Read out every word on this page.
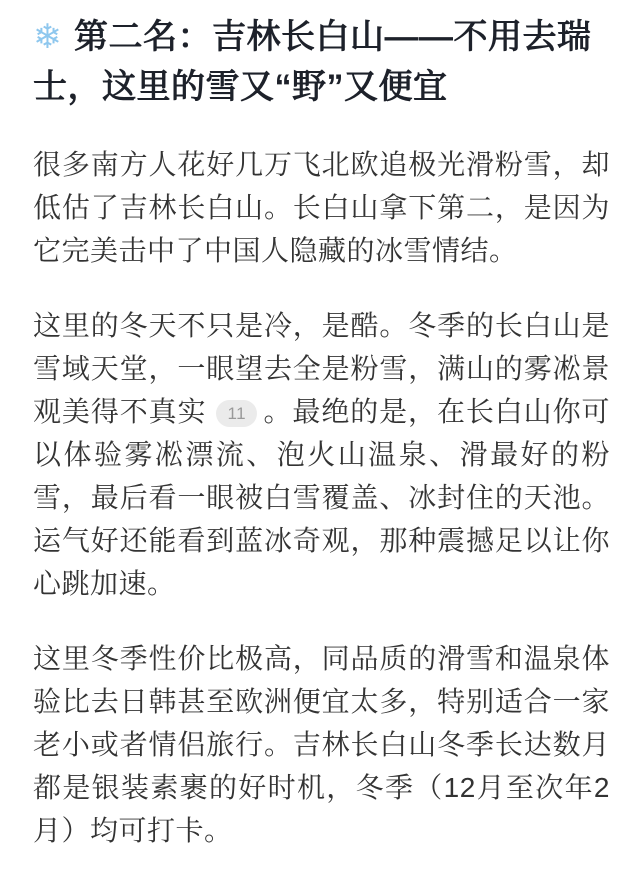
❄ 第二名：吉林长白山——不用去瑞士，这里的雪又“野”又便宜

很多南方人花好几万飞北欧追极光滑粉雪，却低估了吉林长白山。长白山拿下第二，是因为它完美击中了中国人隐藏的冰雪情结。

这里的冬天不只是冷，是酷。冬季的长白山是雪域天堂，一眼望去全是粉雪，满山的雾凇景观美得不真实 11 。最绝的是，在长白山你可以体验雾凇漂流、泡火山温泉、滑最好的粉雪，最后看一眼被白雪覆盖、冰封住的天池。运气好还能看到蓝冰奇观，那种震撼足以让你心跳加速。

这里冬季性价比极高，同品质的滑雪和温泉体验比去日韩甚至欧洲便宜太多，特别适合一家老小或者情侣旅行。吉林长白山冬季长达数月都是银装素裹的好时机，冬季（12月至次年2月）均可打卡。
